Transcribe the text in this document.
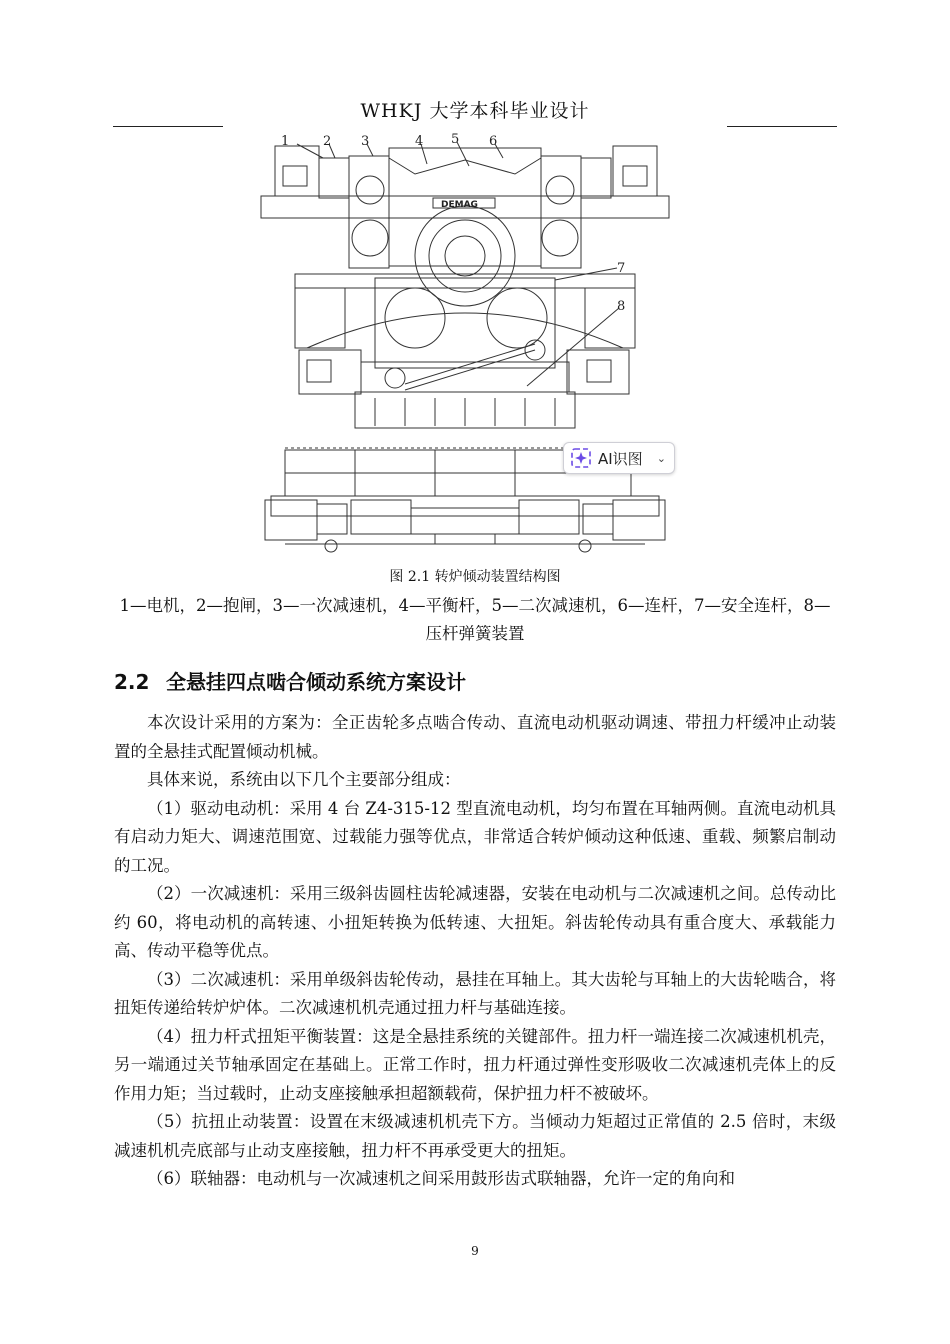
WHKJ 大学本科毕业设计
1	2 3	4 5 6
7
8
DEMAG
AI识图 ⌄
图 2.1 转炉倾动装置结构图
1—电机，2—抱闸，3—一次减速机，4—平衡杆，5—二次减速机，6—连杆，7—安全连杆，8—压杆弹簧装置
2.2 全悬挂四点啮合倾动系统方案设计

本次设计采用的方案为：全正齿轮多点啮合传动、直流电动机驱动调速、带扭力杆缓冲止动装置的全悬挂式配置倾动机械。

具体来说，系统由以下几个主要部分组成：

（1）驱动电动机：采用 4 台 Z4-315-12 型直流电动机，均匀布置在耳轴两侧。直流电动机具有启动力矩大、调速范围宽、过载能力强等优点，非常适合转炉倾动这种低速、重载、频繁启制动的工况。

（2）一次减速机：采用三级斜齿圆柱齿轮减速器，安装在电动机与二次减速机之间。总传动比约 60，将电动机的高转速、小扭矩转换为低转速、大扭矩。斜齿轮传动具有重合度大、承载能力高、传动平稳等优点。

（3）二次减速机：采用单级斜齿轮传动，悬挂在耳轴上。其大齿轮与耳轴上的大齿轮啮合，将扭矩传递给转炉炉体。二次减速机机壳通过扭力杆与基础连接。

（4）扭力杆式扭矩平衡装置：这是全悬挂系统的关键部件。扭力杆一端连接二次减速机机壳，另一端通过关节轴承固定在基础上。正常工作时，扭力杆通过弹性变形吸收二次减速机壳体上的反作用力矩；当过载时，止动支座接触承担超额载荷，保护扭力杆不被破坏。

（5）抗扭止动装置：设置在末级减速机机壳下方。当倾动力矩超过正常值的 2.5 倍时，末级减速机机壳底部与止动支座接触，扭力杆不再承受更大的扭矩。

（6）联轴器：电动机与一次减速机之间采用鼓形齿式联轴器，允许一定的角向和

9
